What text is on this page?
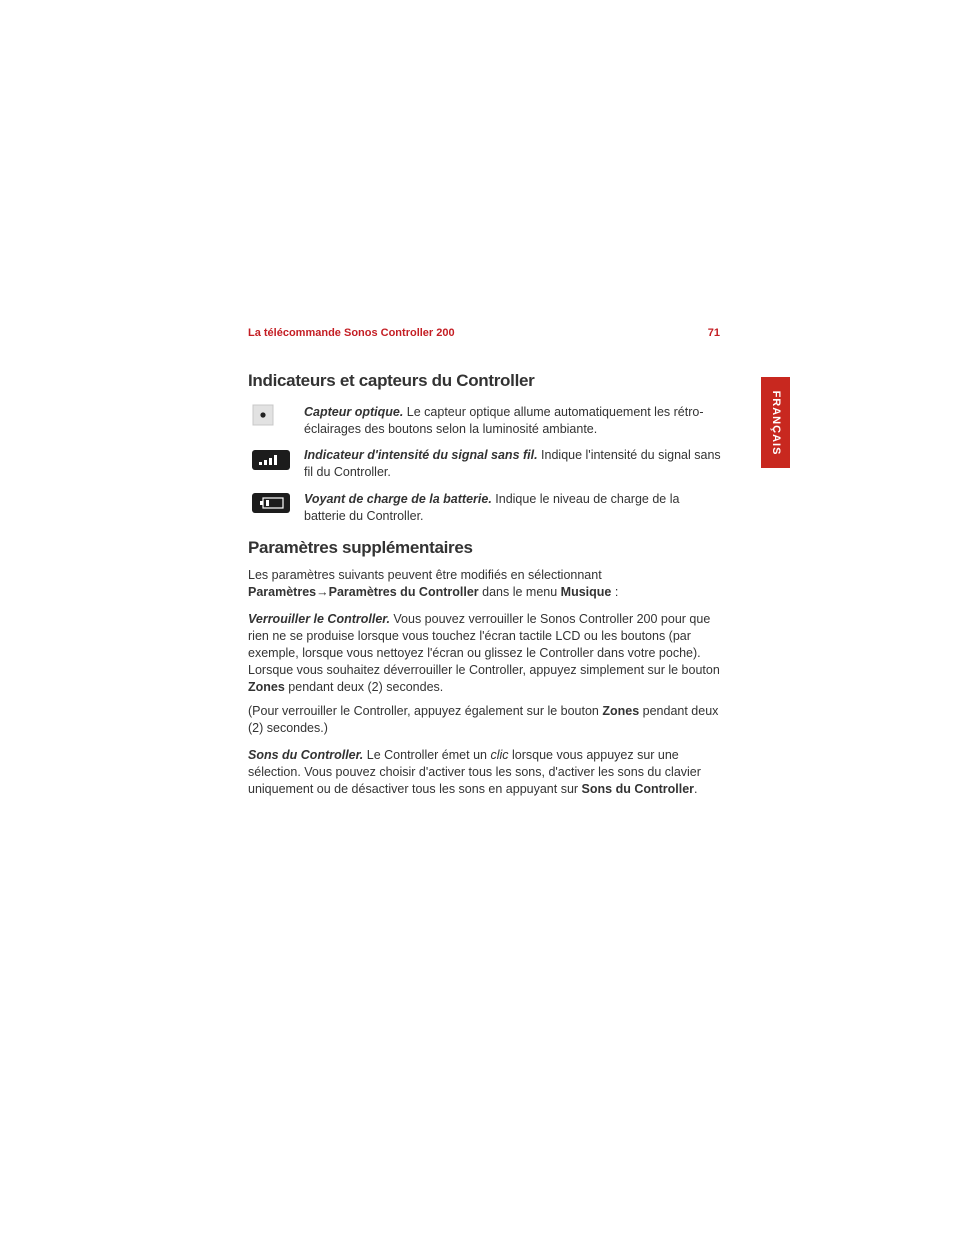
La télécommande Sonos Controller 200	71
FRANÇAIS
Indicateurs et capteurs du Controller
Capteur optique. Le capteur optique allume automatiquement les rétro-éclairages des boutons selon la luminosité ambiante.
Indicateur d'intensité du signal sans fil. Indique l'intensité du signal sans fil du Controller.
Voyant de charge de la batterie. Indique le niveau de charge de la batterie du Controller.
Paramètres supplémentaires
Les paramètres suivants peuvent être modifiés en sélectionnant
Paramètres→Paramètres du Controller dans le menu Musique :
Verrouiller le Controller. Vous pouvez verrouiller le Sonos Controller 200 pour que rien ne se produise lorsque vous touchez l'écran tactile LCD ou les boutons (par exemple, lorsque vous nettoyez l'écran ou glissez le Controller dans votre poche). Lorsque vous souhaitez déverrouiller le Controller, appuyez simplement sur le bouton Zones pendant deux (2) secondes.
(Pour verrouiller le Controller, appuyez également sur le bouton Zones pendant deux (2) secondes.)
Sons du Controller. Le Controller émet un clic lorsque vous appuyez sur une sélection. Vous pouvez choisir d'activer tous les sons, d'activer les sons du clavier uniquement ou de désactiver tous les sons en appuyant sur Sons du Controller.
